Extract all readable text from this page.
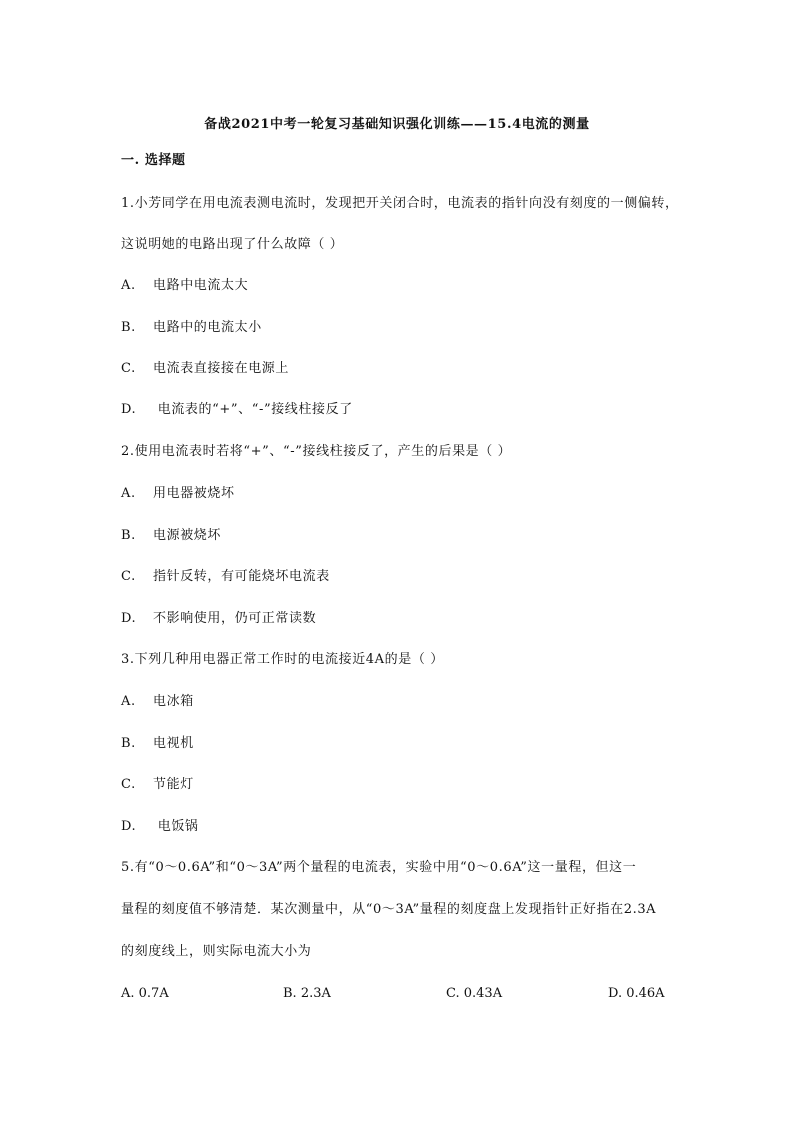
备战2021中考一轮复习基础知识强化训练——15.4电流的测量
一. 选择题
1.小芳同学在用电流表测电流时，发现把开关闭合时，电流表的指针向没有刻度的一侧偏转，
这说明她的电路出现了什么故障（ ）
A. 电路中电流太大
B. 电路中的电流太小
C. 电流表直接接在电源上
D. 电流表的“+”、“-”接线柱接反了
2.使用电流表时若将“+”、“-”接线柱接反了，产生的后果是（ ）
A. 用电器被烧坏
B. 电源被烧坏
C. 指针反转，有可能烧坏电流表
D. 不影响使用，仍可正常读数
3.下列几种用电器正常工作时的电流接近4A的是（ ）
A. 电冰箱
B. 电视机
C. 节能灯
D. 电饭锅
5.有“0～0.6A”和“0～3A”两个量程的电流表，实验中用“0～0.6A”这一量程，但这一
量程的刻度值不够清楚．某次测量中，从“0～3A”量程的刻度盘上发现指针正好指在2.3A
的刻度线上，则实际电流大小为
A. 0.7A	B. 2.3A	C. 0.43A	D. 0.46A
